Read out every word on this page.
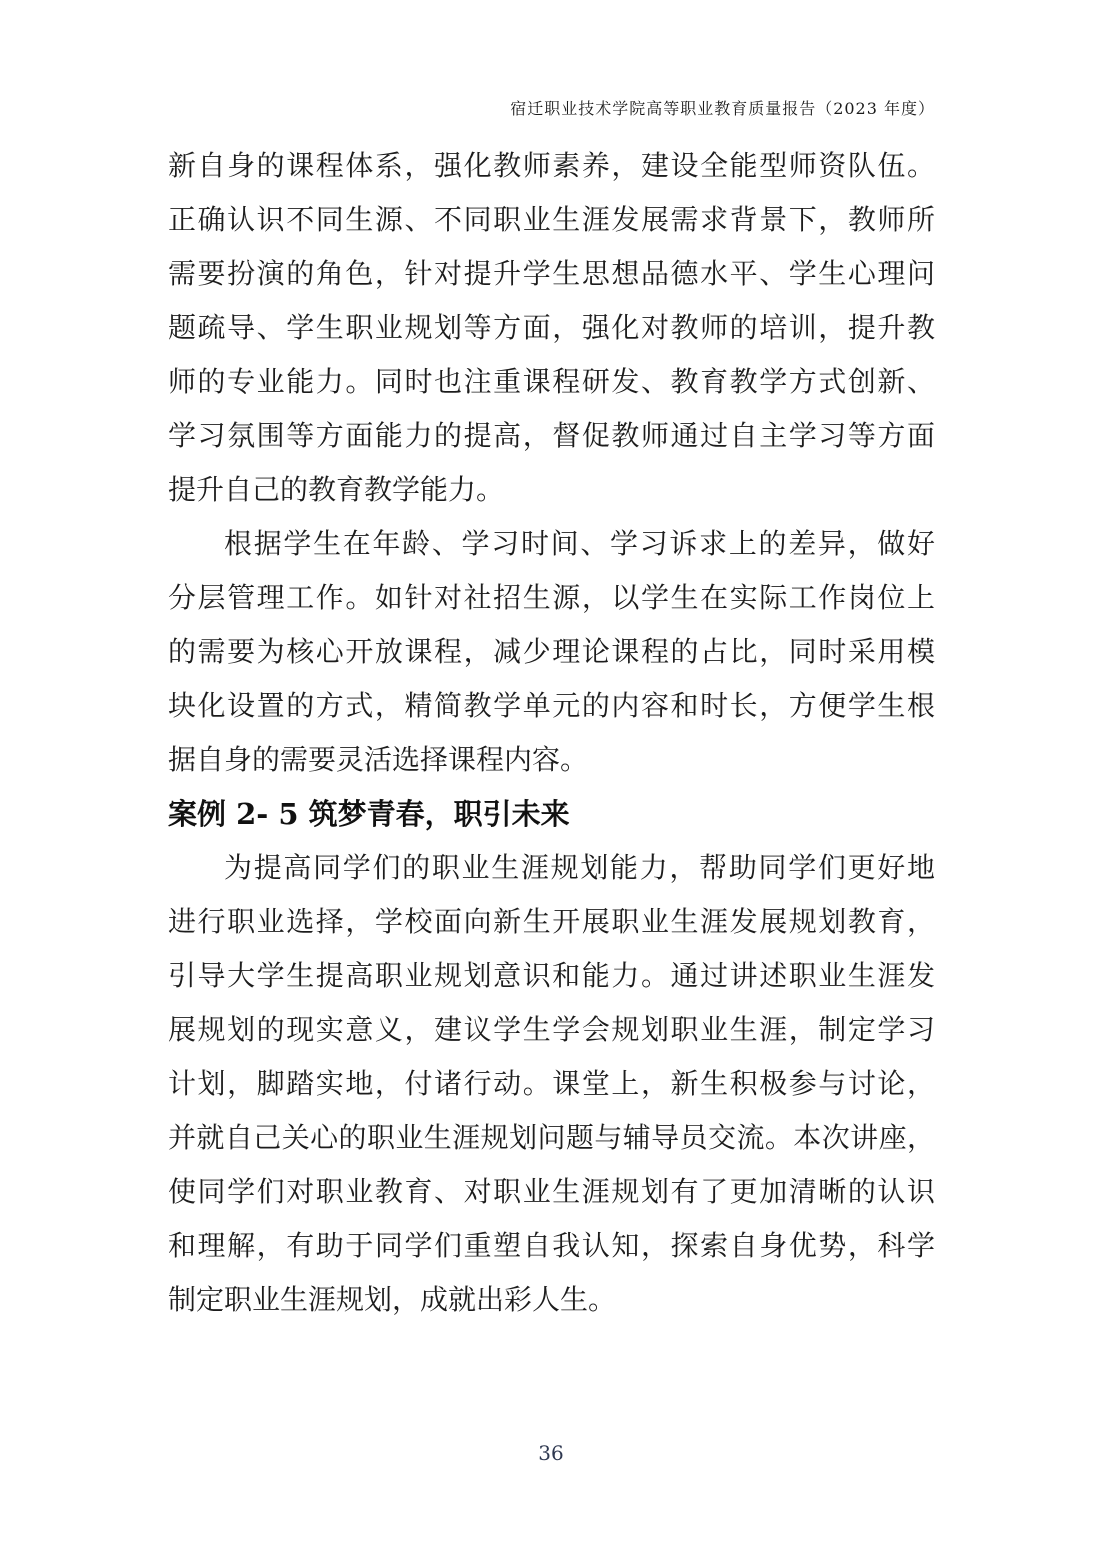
宿迁职业技术学院高等职业教育质量报告（2023 年度）
新自身的课程体系，强化教师素养，建设全能型师资队伍。
正确认识不同生源、不同职业生涯发展需求背景下，教师所
需要扮演的角色，针对提升学生思想品德水平、学生心理问
题疏导、学生职业规划等方面，强化对教师的培训，提升教
师的专业能力。同时也注重课程研发、教育教学方式创新、
学习氛围等方面能力的提高，督促教师通过自主学习等方面
提升自己的教育教学能力。
根据学生在年龄、学习时间、学习诉求上的差异，做好
分层管理工作。如针对社招生源，以学生在实际工作岗位上
的需要为核心开放课程，减少理论课程的占比，同时采用模
块化设置的方式，精简教学单元的内容和时长，方便学生根
据自身的需要灵活选择课程内容。
案例 2- 5 筑梦青春，职引未来
为提高同学们的职业生涯规划能力，帮助同学们更好地
进行职业选择，学校面向新生开展职业生涯发展规划教育，
引导大学生提高职业规划意识和能力。通过讲述职业生涯发
展规划的现实意义，建议学生学会规划职业生涯，制定学习
计划，脚踏实地，付诸行动。课堂上，新生积极参与讨论，
并就自己关心的职业生涯规划问题与辅导员交流。本次讲座，
使同学们对职业教育、对职业生涯规划有了更加清晰的认识
和理解，有助于同学们重塑自我认知，探索自身优势，科学
制定职业生涯规划，成就出彩人生。
36
